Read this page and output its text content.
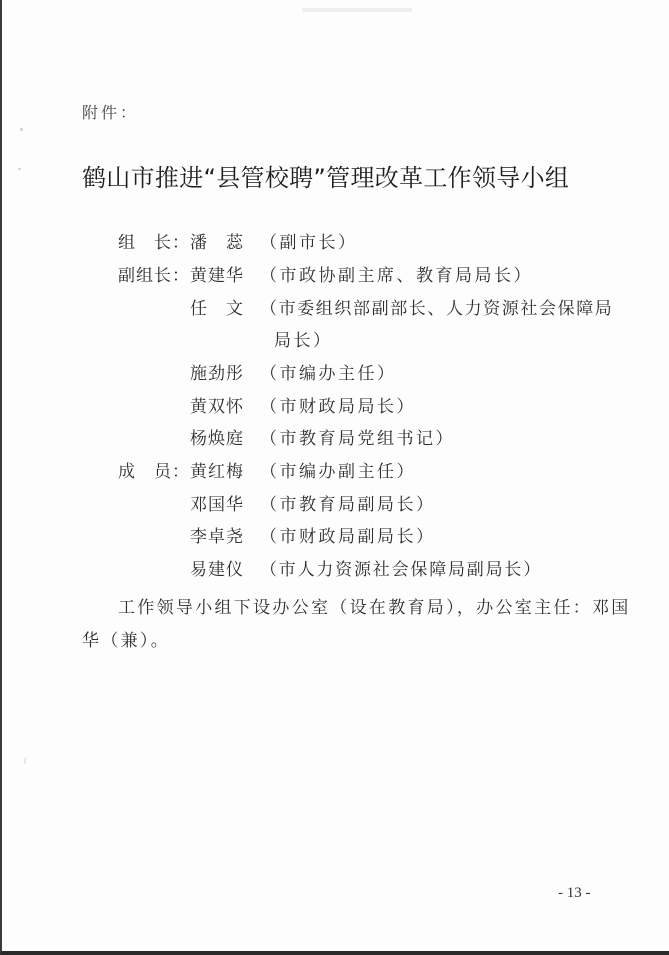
附件：
鹤山市推进“县管校聘”管理改革工作领导小组
组　长：潘　蕊 （副市长）
副组长：黄建华 （市政协副主席、教育局局长）
任　文 （市委组织部副部长、人力资源社会保障局
局长）
施劲彤 （市编办主任）
黄双怀 （市财政局局长）
杨焕庭 （市教育局党组书记）
成　员：黄红梅 （市编办副主任）
邓国华 （市教育局副局长）
李卓尧 （市财政局副局长）
易建仪 （市人力资源社会保障局副局长）
工作领导小组下设办公室（设在教育局），办公室主任：邓国
华（兼）。
- 13 -
